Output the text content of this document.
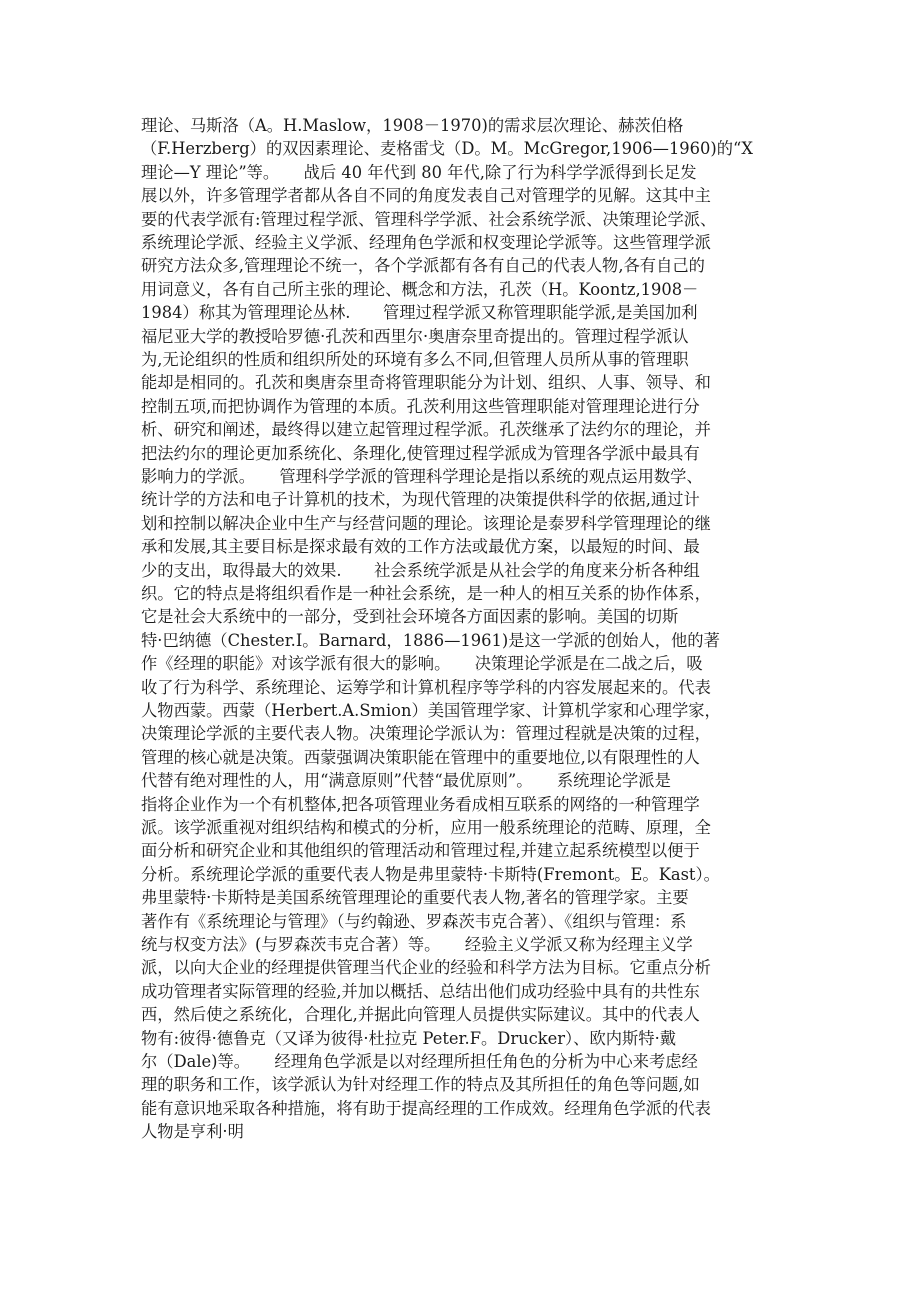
理论、马斯洛（A。H.Maslow，1908－1970)的需求层次理论、赫茨伯格
（F.Herzberg）的双因素理论、麦格雷戈（D。M。McGregor,1906—1960)的“X
理论—Y 理论”等。　　战后 40 年代到 80 年代,除了行为科学学派得到长足发
展以外，许多管理学者都从各自不同的角度发表自己对管理学的见解。这其中主
要的代表学派有:管理过程学派、管理科学学派、社会系统学派、决策理论学派、
系统理论学派、经验主义学派、经理角色学派和权变理论学派等。这些管理学派
研究方法众多,管理理论不统一，各个学派都有各有自己的代表人物,各有自己的
用词意义，各有自己所主张的理论、概念和方法，孔茨（H。Koontz,1908－
1984）称其为管理理论丛林.　　管理过程学派又称管理职能学派,是美国加利
福尼亚大学的教授哈罗德·孔茨和西里尔·奥唐奈里奇提出的。管理过程学派认
为,无论组织的性质和组织所处的环境有多么不同,但管理人员所从事的管理职
能却是相同的。孔茨和奥唐奈里奇将管理职能分为计划、组织、人事、领导、和
控制五项,而把协调作为管理的本质。孔茨利用这些管理职能对管理理论进行分
析、研究和阐述，最终得以建立起管理过程学派。孔茨继承了法约尔的理论，并
把法约尔的理论更加系统化、条理化,使管理过程学派成为管理各学派中最具有
影响力的学派。　　管理科学学派的管理科学理论是指以系统的观点运用数学、
统计学的方法和电子计算机的技术，为现代管理的决策提供科学的依据,通过计
划和控制以解决企业中生产与经营问题的理论。该理论是泰罗科学管理理论的继
承和发展,其主要目标是探求最有效的工作方法或最优方案，以最短的时间、最
少的支出，取得最大的效果.　　社会系统学派是从社会学的角度来分析各种组
织。它的特点是将组织看作是一种社会系统，是一种人的相互关系的协作体系，
它是社会大系统中的一部分，受到社会环境各方面因素的影响。美国的切斯
特·巴纳德（Chester.I。Barnard，1886—1961)是这一学派的创始人，他的著
作《经理的职能》对该学派有很大的影响。　　决策理论学派是在二战之后，吸
收了行为科学、系统理论、运筹学和计算机程序等学科的内容发展起来的。代表
人物西蒙。西蒙（Herbert.A.Smion）美国管理学家、计算机学家和心理学家，
决策理论学派的主要代表人物。决策理论学派认为：管理过程就是决策的过程，
管理的核心就是决策。西蒙强调决策职能在管理中的重要地位,以有限理性的人
代替有绝对理性的人，用“满意原则”代替“最优原则”。　　系统理论学派是
指将企业作为一个有机整体,把各项管理业务看成相互联系的网络的一种管理学
派。该学派重视对组织结构和模式的分析，应用一般系统理论的范畴、原理，全
面分析和研究企业和其他组织的管理活动和管理过程,并建立起系统模型以便于
分析。系统理论学派的重要代表人物是弗里蒙特·卡斯特(Fremont。E。Kast）。
弗里蒙特·卡斯特是美国系统管理理论的重要代表人物,著名的管理学家。主要
著作有《系统理论与管理》（与约翰逊、罗森茨韦克合著）、《组织与管理：系
统与权变方法》(与罗森茨韦克合著）等。　　经验主义学派又称为经理主义学
派，以向大企业的经理提供管理当代企业的经验和科学方法为目标。它重点分析
成功管理者实际管理的经验,并加以概括、总结出他们成功经验中具有的共性东
西，然后使之系统化，合理化,并据此向管理人员提供实际建议。其中的代表人
物有:彼得·德鲁克（又译为彼得·杜拉克 Peter.F。Drucker）、欧内斯特·戴
尔（Dale)等。　　经理角色学派是以对经理所担任角色的分析为中心来考虑经
理的职务和工作，该学派认为针对经理工作的特点及其所担任的角色等问题,如
能有意识地采取各种措施，将有助于提高经理的工作成效。经理角色学派的代表
人物是亨利·明
